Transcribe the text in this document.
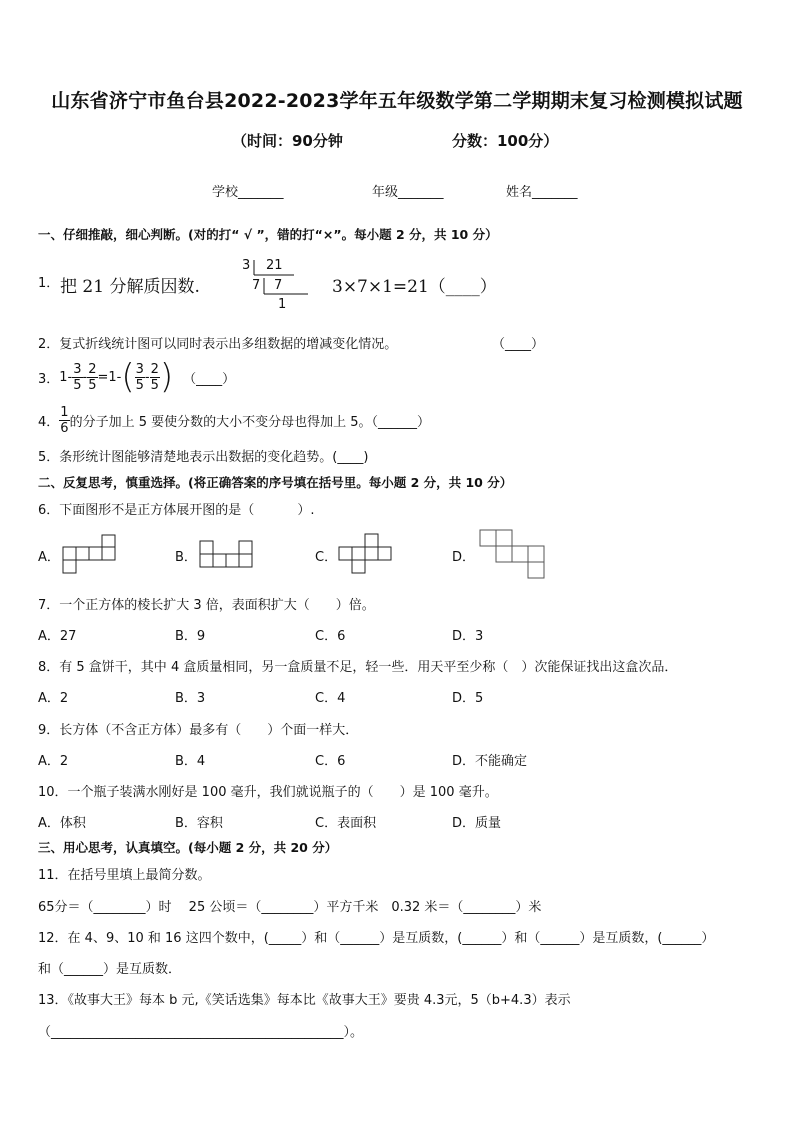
山东省济宁市鱼台县2022-2023学年五年级数学第二学期期末复习检测模拟试题
（时间：90分钟	分数：100分）
学校_______	年级_______	姓名_______
一、仔细推敲，细心判断。(对的打“ √ ”，错的打“×”。每小题 2 分，共 10 分）
1． 把 21 分解质因数.
3 21
7 7
1
3×7×1=21（____）
2．复式折线统计图可以同时表示出多组数据的增减变化情况。	（____）
3． $1- \frac{3}{5} - \frac{2}{5} =1-$ ( $\frac{3}{5} - \frac{2}{5}$ ) （____）
4． $\frac{1}{6}$ 的分子加上 5 要使分数的大小不变分母也得加上 5。（______）
5．条形统计图能够清楚地表示出数据的变化趋势。(____)
二、反复思考，慎重选择。(将正确答案的序号填在括号里。每小题 2 分，共 10 分）
6．下面图形不是正方体展开图的是（　　　 ）.
A．	B．	C．	D．
7．一个正方体的棱长扩大 3 倍，表面积扩大（　　）倍。
A．27	B．9	C．6	D．3
8．有 5 盒饼干，其中 4 盒质量相同，另一盒质量不足，轻一些．用天平至少称（　）次能保证找出这盒次品．
A．2	B．3	C．4	D．5
9．长方体（不含正方体）最多有（　　）个面一样大．
A．2	B．4	C．6	D．不能确定
10．一个瓶子装满水刚好是 100 毫升，我们就说瓶子的（　　）是 100 毫升。
A．体积	B．容积	C．表面积	D．质量
三、用心思考，认真填空。(每小题 2 分，共 20 分）
11．在括号里填上最简分数。
65分＝（________）时　 25 公顷＝（________）平方千米　0.32 米＝（________）米
12．在 4、9、10 和 16 这四个数中，(_____）和（______）是互质数，(______）和（______）是互质数，(______）
和（______）是互质数．
13．《故事大王》每本 b 元,《笑话选集》每本比《故事大王》要贵 4.3元，5（b+4.3）表示
（_____________________________________________）。
